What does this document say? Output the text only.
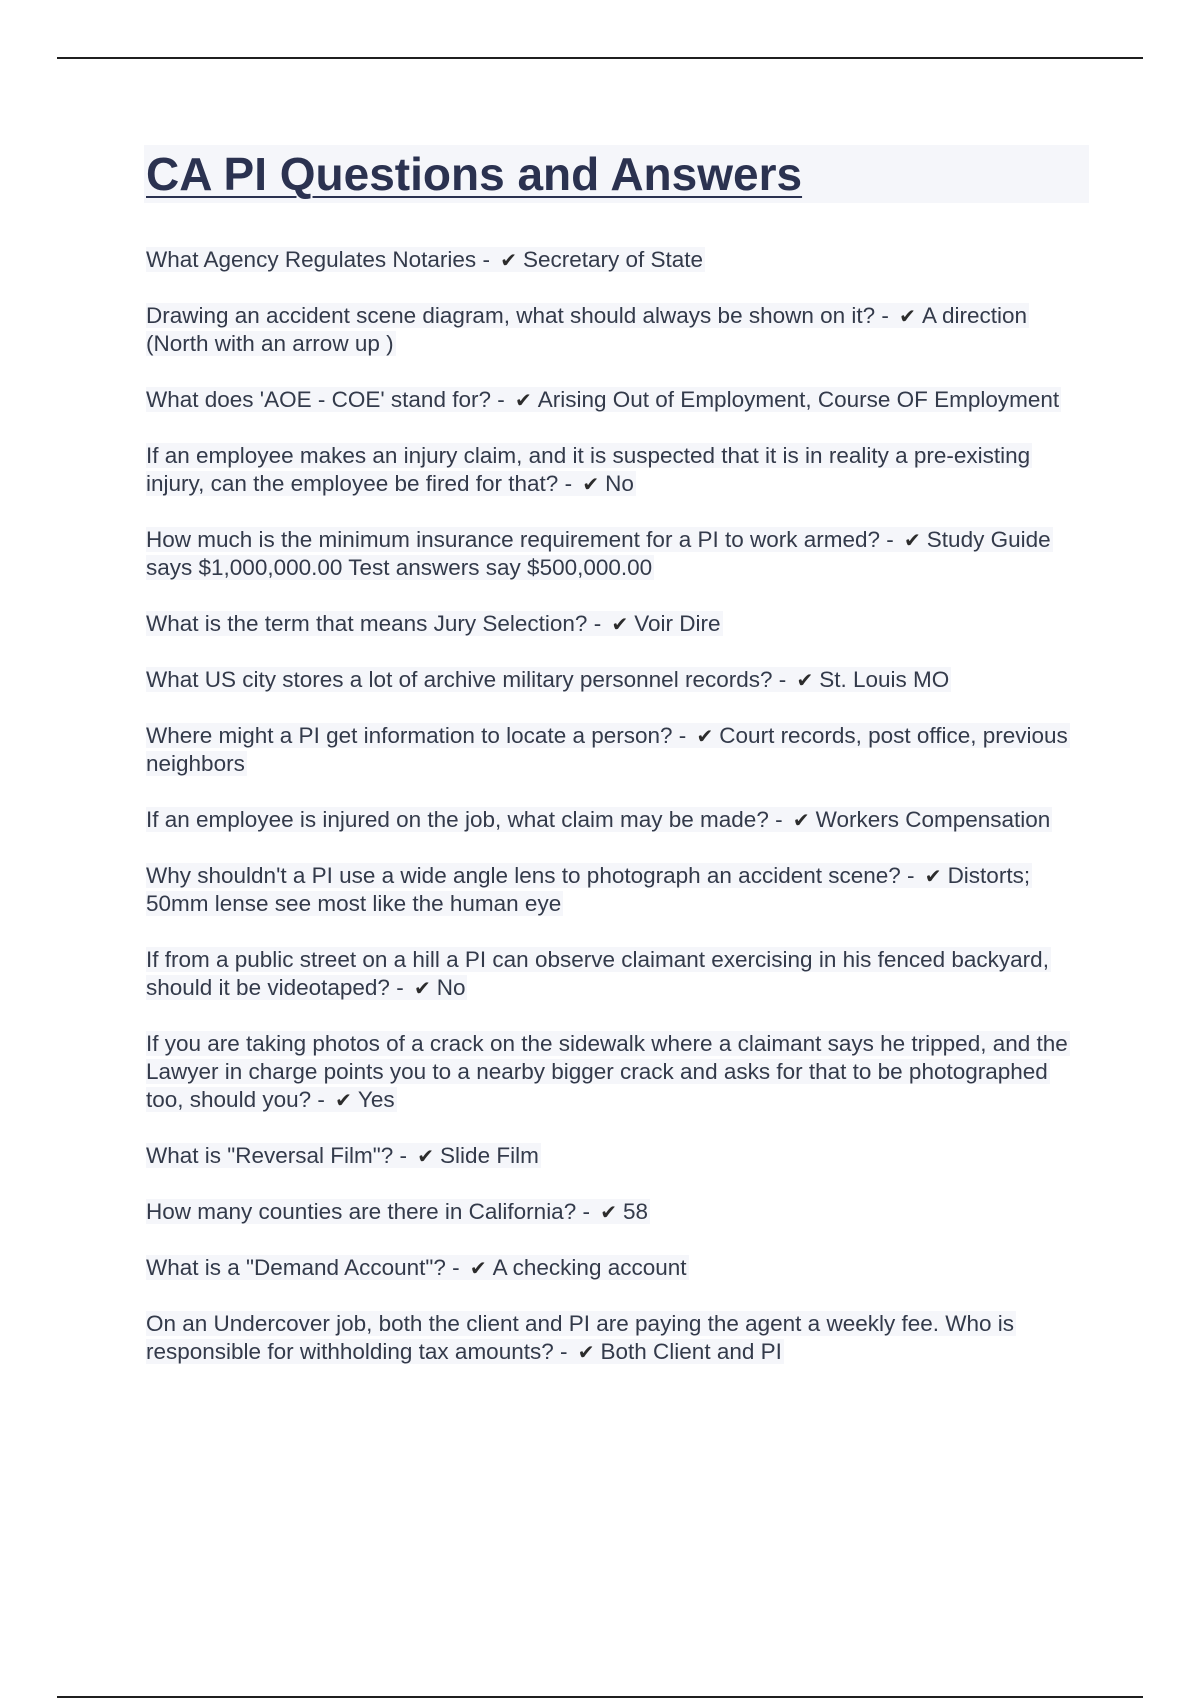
CA PI Questions and Answers
What Agency Regulates Notaries - ✔ Secretary of State
Drawing an accident scene diagram, what should always be shown on it? - ✔ A direction (North with an arrow up )
What does 'AOE - COE' stand for? - ✔ Arising Out of Employment, Course OF Employment
If an employee makes an injury claim, and it is suspected that it is in reality a pre-existing injury, can the employee be fired for that? - ✔ No
How much is the minimum insurance requirement for a PI to work armed? - ✔ Study Guide says $1,000,000.00 Test answers say $500,000.00
What is the term that means Jury Selection? - ✔ Voir Dire
What US city stores a lot of archive military personnel records? - ✔ St. Louis MO
Where might a PI get information to locate a person? - ✔ Court records, post office, previous neighbors
If an employee is injured on the job, what claim may be made? - ✔ Workers Compensation
Why shouldn't a PI use a wide angle lens to photograph an accident scene? - ✔ Distorts; 50mm lense see most like the human eye
If from a public street on a hill a PI can observe claimant exercising in his fenced backyard, should it be videotaped? - ✔ No
If you are taking photos of a crack on the sidewalk where a claimant says he tripped, and the Lawyer in charge points you to a nearby bigger crack and asks for that to be photographed too, should you? - ✔ Yes
What is "Reversal Film"? - ✔ Slide Film
How many counties are there in California? - ✔ 58
What is a "Demand Account"? - ✔ A checking account
On an Undercover job, both the client and PI are paying the agent a weekly fee. Who is responsible for withholding tax amounts? - ✔ Both Client and PI
